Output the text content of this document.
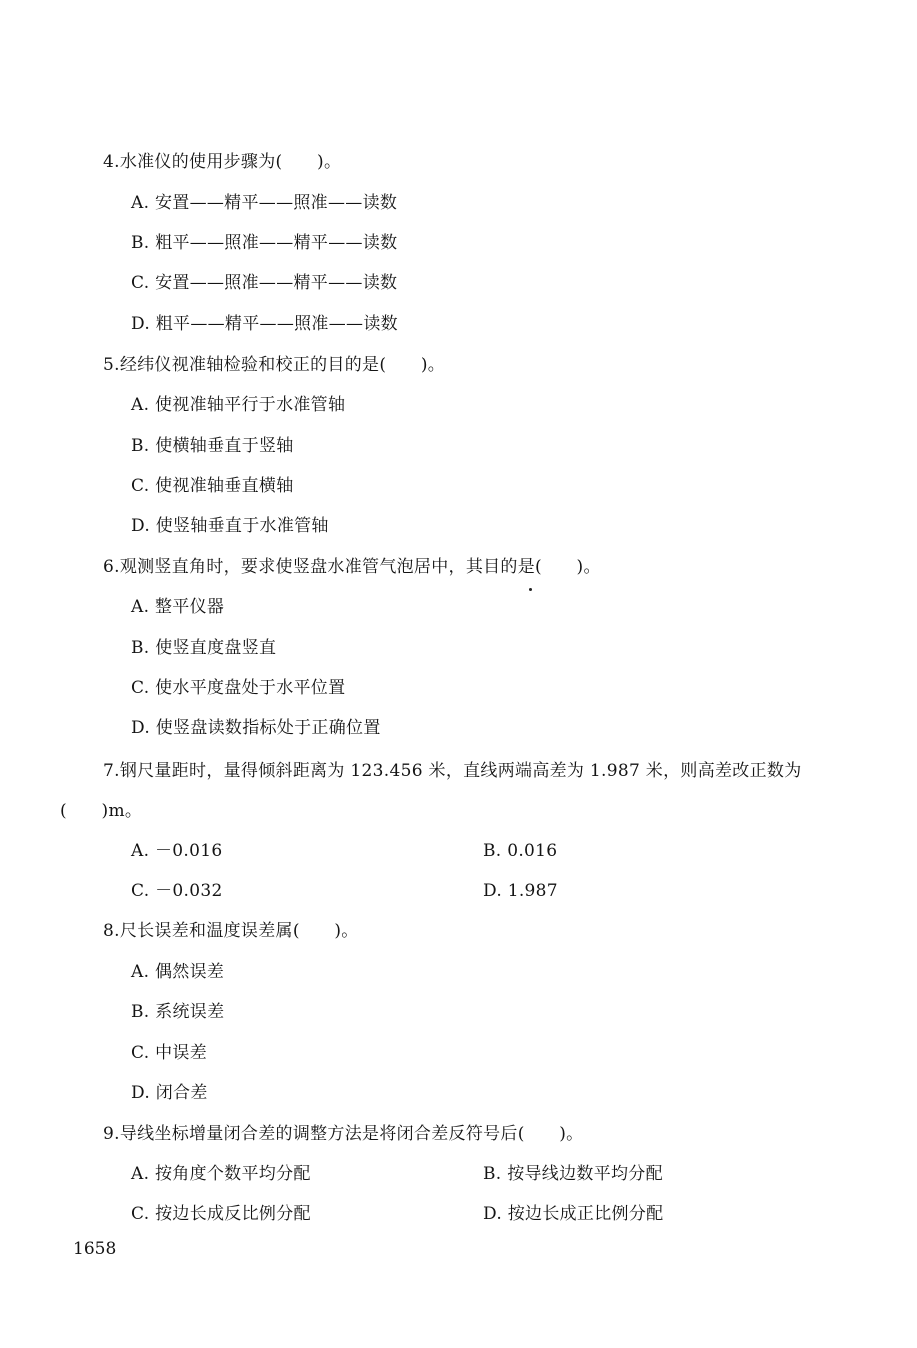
4.水准仪的使用步骤为(　　)。
A. 安置——精平——照准——读数
B. 粗平——照准——精平——读数
C. 安置——照准——精平——读数
D. 粗平——精平——照准——读数
5.经纬仪视准轴检验和校正的目的是(　　)。
A. 使视准轴平行于水准管轴
B. 使横轴垂直于竖轴
C. 使视准轴垂直横轴
D. 使竖轴垂直于水准管轴
6.观测竖直角时，要求使竖盘水准管气泡居中，其目的是(　　)。
A. 整平仪器
B. 使竖直度盘竖直
C. 使水平度盘处于水平位置
D. 使竖盘读数指标处于正确位置
7.钢尺量距时，量得倾斜距离为 123.456 米，直线两端高差为 1.987 米，则高差改正数为
(　　)m。
A. －0.016	B. 0.016
C. －0.032	D. 1.987
8.尺长误差和温度误差属(　　)。
A. 偶然误差
B. 系统误差
C. 中误差
D. 闭合差
9.导线坐标增量闭合差的调整方法是将闭合差反符号后(　　)。
A. 按角度个数平均分配	B. 按导线边数平均分配
C. 按边长成反比例分配	D. 按边长成正比例分配
1658
